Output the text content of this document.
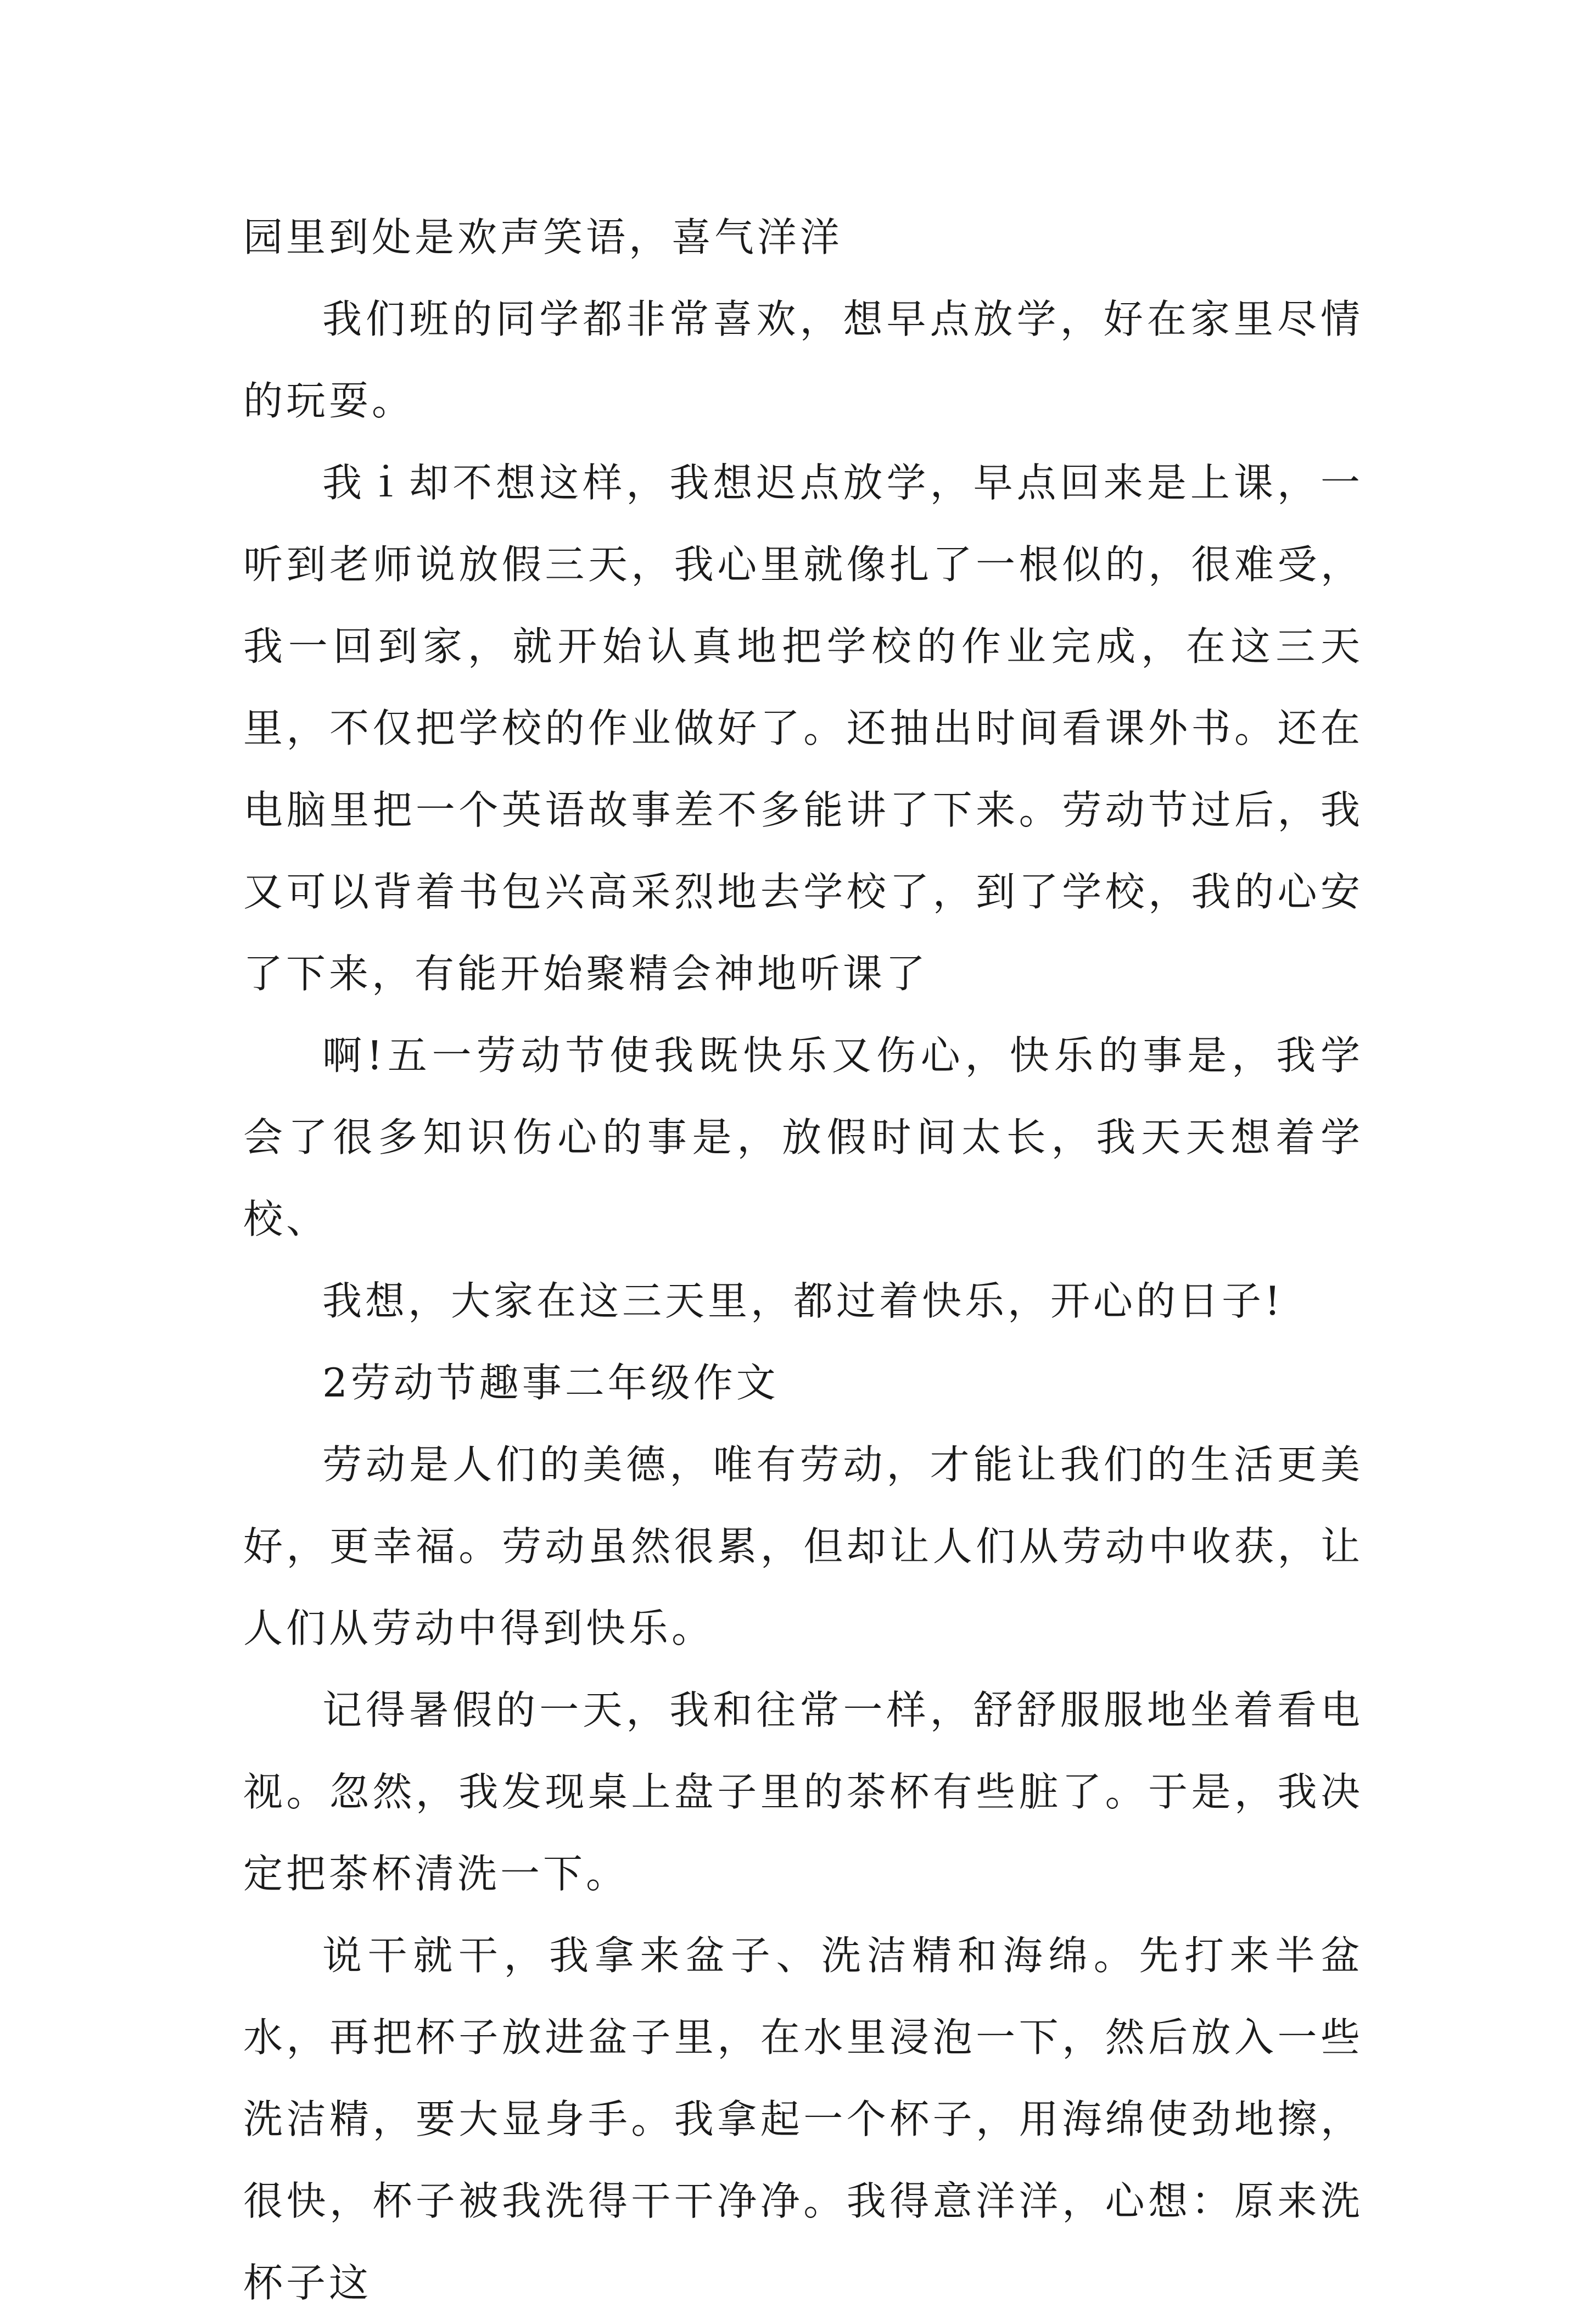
园里到处是欢声笑语，喜气洋洋

我们班的同学都非常喜欢，想早点放学，好在家里尽情的玩耍。

我ｉ却不想这样，我想迟点放学，早点回来是上课，一听到老师说放假三天，我心里就像扎了一根似的，很难受，我一回到家，就开始认真地把学校的作业完成，在这三天里，不仅把学校的作业做好了。还抽出时间看课外书。还在电脑里把一个英语故事差不多能讲了下来。劳动节过后，我又可以背着书包兴高采烈地去学校了，到了学校，我的心安了下来，有能开始聚精会神地听课了

啊!五一劳动节使我既快乐又伤心，快乐的事是，我学会了很多知识伤心的事是，放假时间太长，我天天想着学校、

我想，大家在这三天里，都过着快乐，开心的日子!

2劳动节趣事二年级作文

劳动是人们的美德，唯有劳动，才能让我们的生活更美好，更幸福。劳动虽然很累，但却让人们从劳动中收获，让人们从劳动中得到快乐。

记得暑假的一天，我和往常一样，舒舒服服地坐着看电视。忽然，我发现桌上盘子里的茶杯有些脏了。于是，我决定把茶杯清洗一下。

说干就干，我拿来盆子、洗洁精和海绵。先打来半盆水，再把杯子放进盆子里，在水里浸泡一下，然后放入一些洗洁精，要大显身手。我拿起一个杯子，用海绵使劲地擦，很快，杯子被我洗得干干净净。我得意洋洋，心想：原来洗杯子这
